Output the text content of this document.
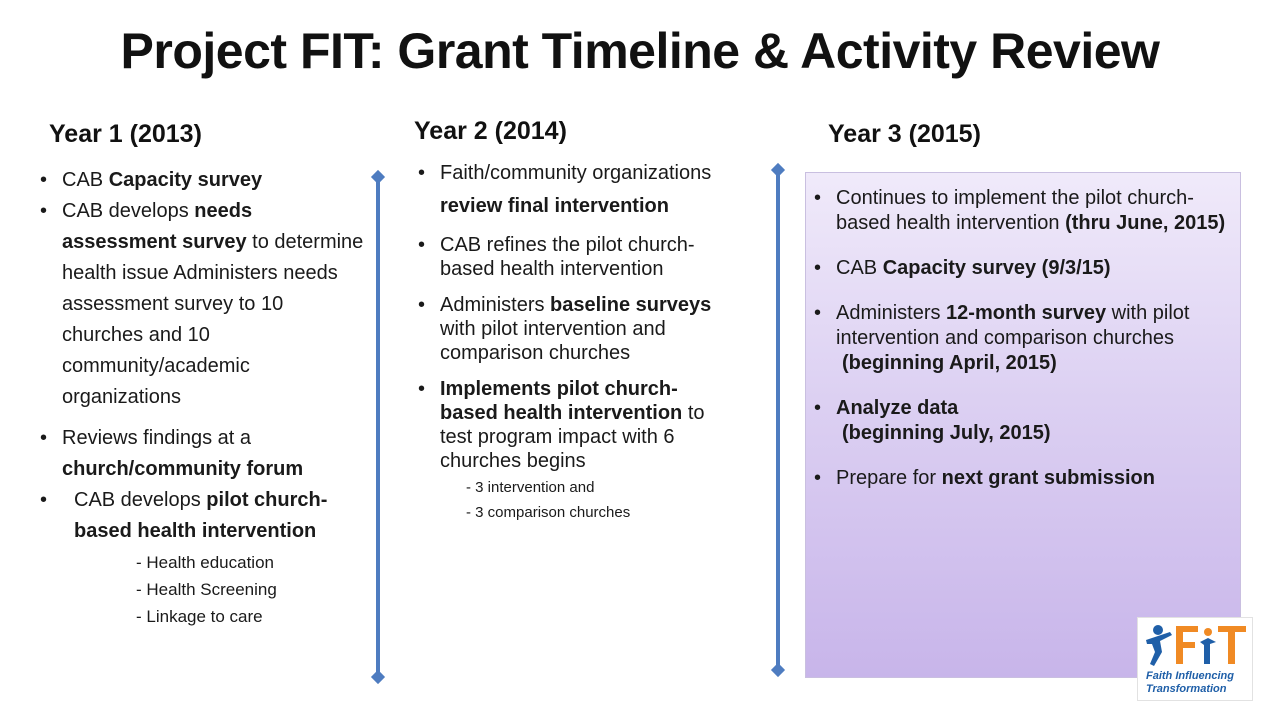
Project FIT: Grant Timeline & Activity Review
Year 1 (2013)	Year 2 (2014)	Year 3 (2015)
• CAB Capacity survey
• CAB develops needs assessment survey to determine health issue Administers needs assessment survey to 10 churches and 10 community/academic organizations
• Reviews findings at a church/community forum
• CAB develops pilot church-based health intervention
- Health education
- Health Screening
- Linkage to care
• Faith/community organizations review final intervention
• CAB refines the pilot church-based health intervention
• Administers baseline surveys with pilot intervention and comparison churches
• Implements pilot church-based health intervention to test program impact with 6 churches begins
- 3 intervention and
- 3 comparison churches
• Continues to implement the pilot church-based health intervention (thru June, 2015)
• CAB Capacity survey (9/3/15)
• Administers 12-month survey with pilot intervention and comparison churches
(beginning April, 2015)
• Analyze data
(beginning July, 2015)
• Prepare for next grant submission
Faith Influencing
Transformation
